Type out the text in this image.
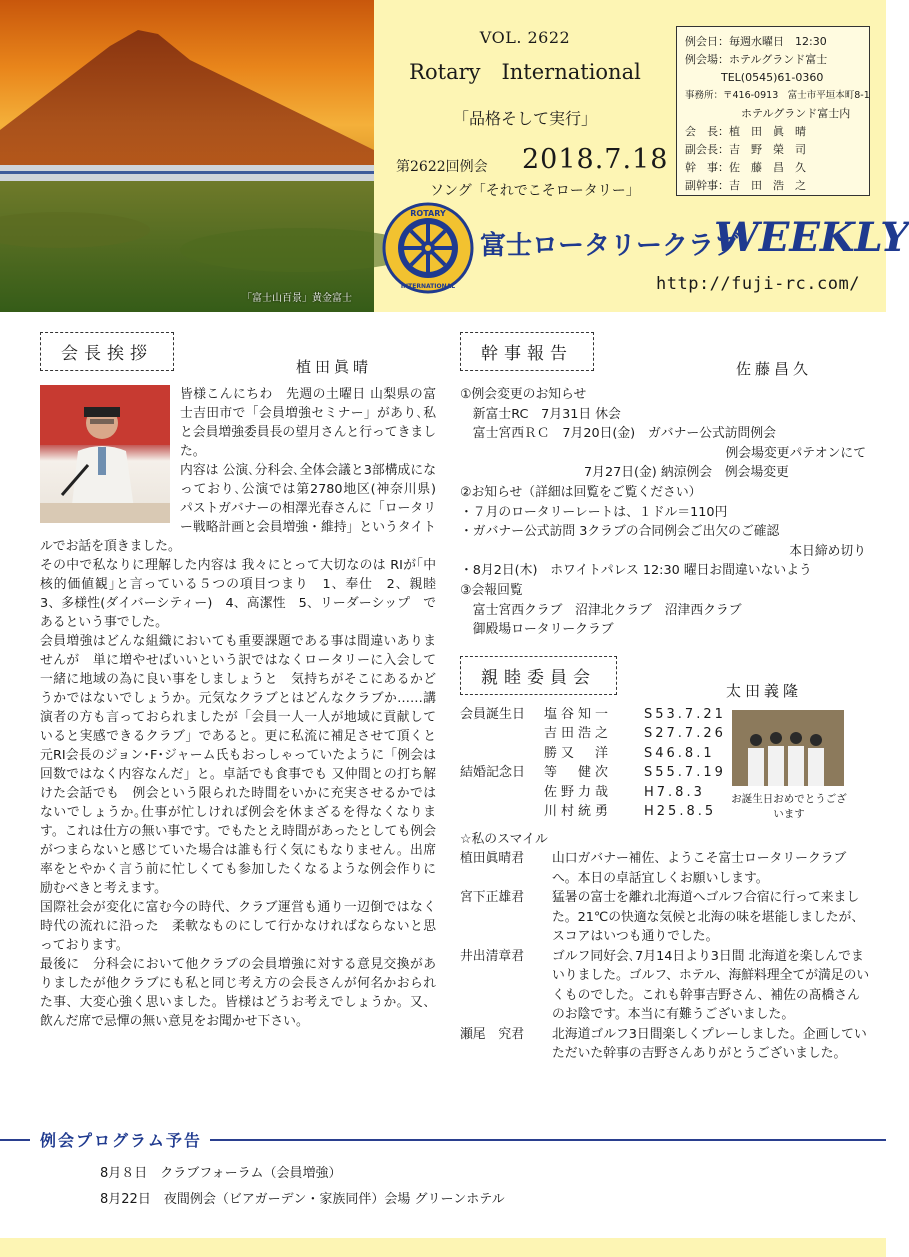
「富士山百景」黄金富士
VOL. 2622
Rotary　International
「品格そして実行」
第2622回例会 2018.7.18
ソング「それでこそロータリー」
ROTARY
INTERNATIONAL
富士ロータリークラブ
WEEKLY
http://fuji-rc.com/
例会日：毎週水曜日　12:30
例会場：ホテルグランド富士
TEL(0545)61-0360
事務所：〒416-0913　富士市平垣本町8-1
ホテルグランド富士内
会　長：植　田　眞　晴
副会長：吉　野　榮　司
幹　事：佐　藤　昌　久
副幹事：吉　田　浩　之
会長挨拶
植田眞晴

皆様こんにちわ　先週の土曜日 山梨県の富士吉田市で「会員増強セミナー」があり､私と会員増強委員長の望月さんと行ってきました。

内容は 公演､分科会､全体会議と3部構成になっており､公演では第2780地区(神奈川県) パストガバナーの相澤光春さんに「ロータリー戦略計画と会員増強・維持」というタイトルでお話を頂きました。

その中で私なりに理解した内容は 我々にとって大切なのは RIが｢中核的価値観｣と言っている５つの項目つまり　1、奉仕　2、親睦　3、多様性(ダイバーシティー)　4、高潔性　5、リーダーシップ　であるという事でした。

会員増強はどんな組織においても重要課題である事は間違いありませんが　単に増やせばいいという訳ではなくロータリーに入会して一緒に地域の為に良い事をしましょうと　気持ちがそこにあるかどうかではないでしょうか。元気なクラブとはどんなクラブか……講演者の方も言っておられましたが「会員一人一人が地域に貢献していると実感できるクラブ」であると。更に私流に補足させて頂くと 元RI会長のジョン･F･ジャーム氏もおっしゃっていたように「例会は回数ではなく内容なんだ」と。卓話でも食事でも 又仲間との打ち解けた会話でも　例会という限られた時間をいかに充実させるかではないでしょうか｡仕事が忙しければ例会を休まざるを得なくなります。これは仕方の無い事です。でもたとえ時間があったとしても例会がつまらないと感じていた場合は誰も行く気にもなりません。出席率をとやかく言う前に忙しくても参加したくなるような例会作りに励むべきと考えます。

国際社会が変化に富む今の時代、クラブ運営も通り一辺倒ではなく時代の流れに沿った　柔軟なものにして行かなければならないと思っております。

最後に　分科会において他クラブの会員増強に対する意見交換がありましたが他クラブにも私と同じ考え方の会長さんが何名かおられた事、大変心強く思いました。皆様はどうお考えでしょうか。又、飲んだ席で忌憚の無い意見をお聞かせ下さい。

幹事報告
佐藤昌久
①例会変更のお知らせ
　新富士RC　7月31日 休会
　富士宮西ＲＣ　7月20日(金)　ガバナー公式訪問例会
例会場変更パテオンにて
7月27日(金) 納涼例会　例会場変更
②お知らせ（詳細は回覧をご覧ください）
・７月のロータリーレートは、１ドル＝110円
・ガバナー公式訪問 3クラブの合同例会ご出欠のご確認
本日締め切り
・8月2日(木)　ホワイトパレス 12:30 曜日お間違いないよう
③会報回覧
　富士宮西クラブ　沼津北クラブ　沼津西クラブ
　御殿場ロータリークラブ
親睦委員会
太田義隆
会員誕生日	塩谷知一	S53.7.21
吉田浩之	S27.7.26
勝又　洋	S46.8.1
結婚記念日	等　健次	S55.7.19
佐野力哉	H7.8.3
川村統勇	H25.8.5
お誕生日おめでとうございます
☆私のスマイル
植田眞晴君	山口ガバナー補佐、ようこそ富士ロータリークラブへ。本日の卓話宜しくお願いします。
宮下正雄君	猛暑の富士を離れ北海道へゴルフ合宿に行って来ました。21℃の快適な気候と北海の味を堪能しましたが、スコアはいつも通りでした。
井出清章君	ゴルフ同好会､7月14日より3日間 北海道を楽しんでまいりました。ゴルフ、ホテル、海鮮料理全てが満足のいくものでした。これも幹事吉野さん、補佐の髙橋さんのお陰です。本当に有難うございました。
瀬尾　究君	北海道ゴルフ3日間楽しくプレーしました。企画していただいた幹事の吉野さんありがとうございました。
例会プログラム予告
8月８日　クラブフォーラム（会員増強）
8月22日　夜間例会（ビアガーデン・家族同伴）会場 グリーンホテル
